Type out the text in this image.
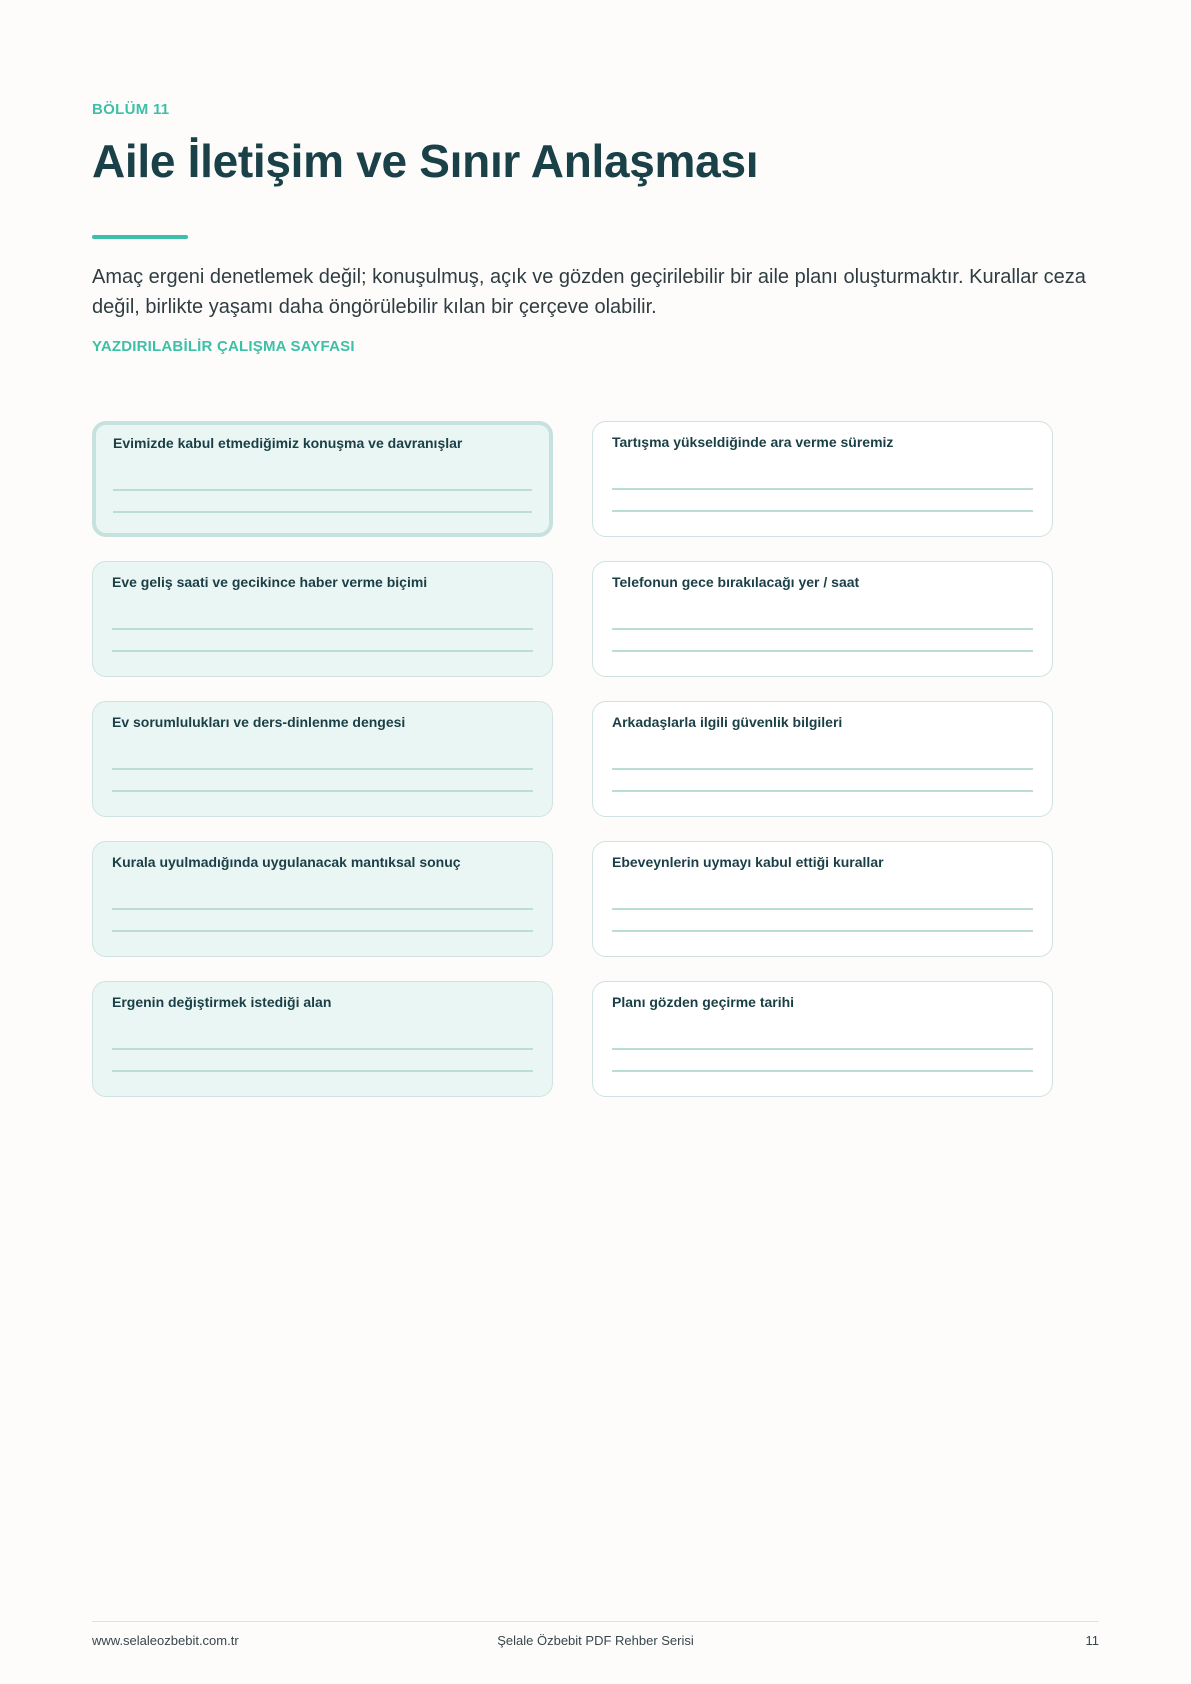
BÖLÜM 11
Aile İletişim ve Sınır Anlaşması

Amaç ergeni denetlemek değil; konuşulmuş, açık ve gözden geçirilebilir bir aile planı oluşturmaktır. Kurallar ceza değil, birlikte yaşamı daha öngörülebilir kılan bir çerçeve olabilir.

YAZDIRILABİLİR ÇALIŞMA SAYFASI
Evimizde kabul etmediğimiz konuşma ve davranışlar	Tartışma yükseldiğinde ara verme süremiz
Eve geliş saati ve gecikince haber verme biçimi	Telefonun gece bırakılacağı yer / saat
Ev sorumlulukları ve ders-dinlenme dengesi	Arkadaşlarla ilgili güvenlik bilgileri
Kurala uyulmadığında uygulanacak mantıksal sonuç	Ebeveynlerin uymayı kabul ettiği kurallar
Ergenin değiştirmek istediği alan	Planı gözden geçirme tarihi
www.selaleozbebit.com.tr	Şelale Özbebit PDF Rehber Serisi	11
